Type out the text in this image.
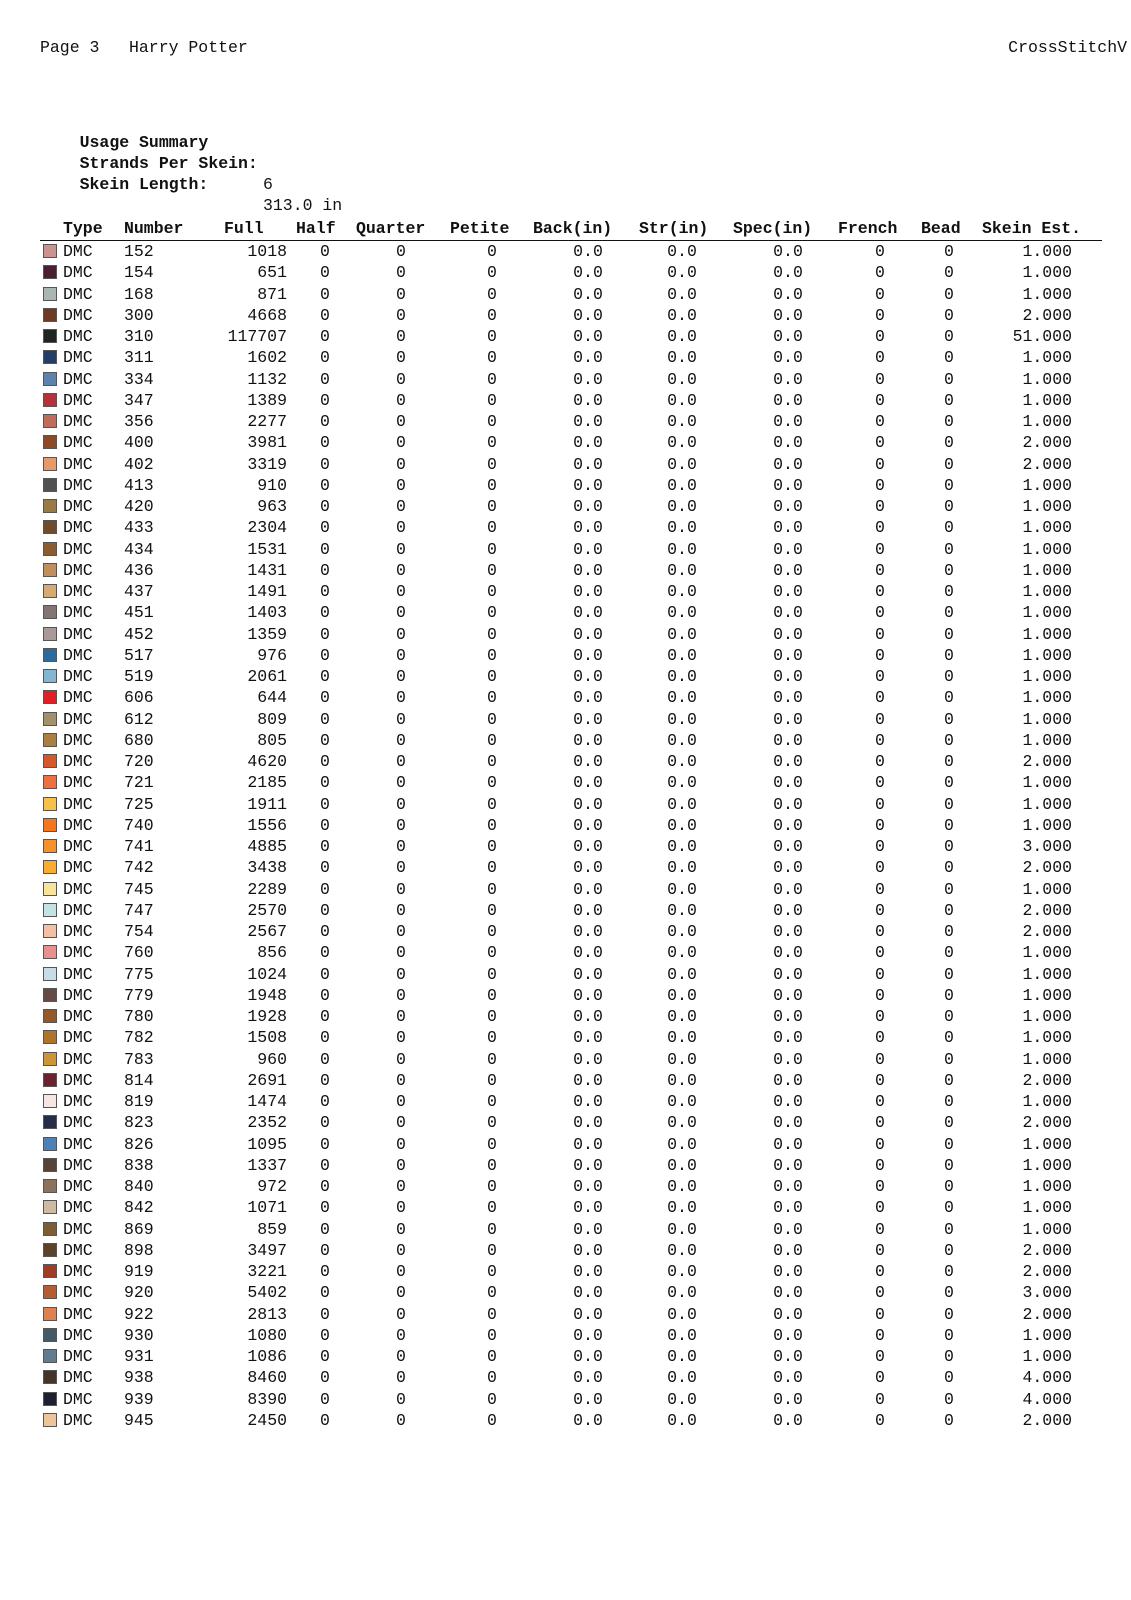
Page 3 Harry Potter	CrossStitchV

Usage Summary

Strands Per Skein:

6

Skein Length:

313.0 in

Type Number Full Half Quarter Petite Back(in) Str(in) Spec(in) French Bead Skein Est.
DMC 152	1018 0	0	0	0.0	0.0	0.0	0	0	1.000
DMC 154	651 0	0	0	0.0	0.0	0.0	0	0	1.000
DMC 168	871 0	0	0	0.0	0.0	0.0	0	0	1.000
DMC 300	4668 0	0	0	0.0	0.0	0.0	0	0	2.000
DMC 310	117707 0	0	0	0.0	0.0	0.0	0	0	51.000
DMC 311	1602 0	0	0	0.0	0.0	0.0	0	0	1.000
DMC 334	1132 0	0	0	0.0	0.0	0.0	0	0	1.000
DMC 347	1389 0	0	0	0.0	0.0	0.0	0	0	1.000
DMC 356	2277 0	0	0	0.0	0.0	0.0	0	0	1.000
DMC 400	3981 0	0	0	0.0	0.0	0.0	0	0	2.000
DMC 402	3319 0	0	0	0.0	0.0	0.0	0	0	2.000
DMC 413	910 0	0	0	0.0	0.0	0.0	0	0	1.000
DMC 420	963 0	0	0	0.0	0.0	0.0	0	0	1.000
DMC 433	2304 0	0	0	0.0	0.0	0.0	0	0	1.000
DMC 434	1531 0	0	0	0.0	0.0	0.0	0	0	1.000
DMC 436	1431 0	0	0	0.0	0.0	0.0	0	0	1.000
DMC 437	1491 0	0	0	0.0	0.0	0.0	0	0	1.000
DMC 451	1403 0	0	0	0.0	0.0	0.0	0	0	1.000
DMC 452	1359 0	0	0	0.0	0.0	0.0	0	0	1.000
DMC 517	976 0	0	0	0.0	0.0	0.0	0	0	1.000
DMC 519	2061 0	0	0	0.0	0.0	0.0	0	0	1.000
DMC 606	644 0	0	0	0.0	0.0	0.0	0	0	1.000
DMC 612	809 0	0	0	0.0	0.0	0.0	0	0	1.000
DMC 680	805 0	0	0	0.0	0.0	0.0	0	0	1.000
DMC 720	4620 0	0	0	0.0	0.0	0.0	0	0	2.000
DMC 721	2185 0	0	0	0.0	0.0	0.0	0	0	1.000
DMC 725	1911 0	0	0	0.0	0.0	0.0	0	0	1.000
DMC 740	1556 0	0	0	0.0	0.0	0.0	0	0	1.000
DMC 741	4885 0	0	0	0.0	0.0	0.0	0	0	3.000
DMC 742	3438 0	0	0	0.0	0.0	0.0	0	0	2.000
DMC 745	2289 0	0	0	0.0	0.0	0.0	0	0	1.000
DMC 747	2570 0	0	0	0.0	0.0	0.0	0	0	2.000
DMC 754	2567 0	0	0	0.0	0.0	0.0	0	0	2.000
DMC 760	856 0	0	0	0.0	0.0	0.0	0	0	1.000
DMC 775	1024 0	0	0	0.0	0.0	0.0	0	0	1.000
DMC 779	1948 0	0	0	0.0	0.0	0.0	0	0	1.000
DMC 780	1928 0	0	0	0.0	0.0	0.0	0	0	1.000
DMC 782	1508 0	0	0	0.0	0.0	0.0	0	0	1.000
DMC 783	960 0	0	0	0.0	0.0	0.0	0	0	1.000
DMC 814	2691 0	0	0	0.0	0.0	0.0	0	0	2.000
DMC 819	1474 0	0	0	0.0	0.0	0.0	0	0	1.000
DMC 823	2352 0	0	0	0.0	0.0	0.0	0	0	2.000
DMC 826	1095 0	0	0	0.0	0.0	0.0	0	0	1.000
DMC 838	1337 0	0	0	0.0	0.0	0.0	0	0	1.000
DMC 840	972 0	0	0	0.0	0.0	0.0	0	0	1.000
DMC 842	1071 0	0	0	0.0	0.0	0.0	0	0	1.000
DMC 869	859 0	0	0	0.0	0.0	0.0	0	0	1.000
DMC 898	3497 0	0	0	0.0	0.0	0.0	0	0	2.000
DMC 919	3221 0	0	0	0.0	0.0	0.0	0	0	2.000
DMC 920	5402 0	0	0	0.0	0.0	0.0	0	0	3.000
DMC 922	2813 0	0	0	0.0	0.0	0.0	0	0	2.000
DMC 930	1080 0	0	0	0.0	0.0	0.0	0	0	1.000
DMC 931	1086 0	0	0	0.0	0.0	0.0	0	0	1.000
DMC 938	8460 0	0	0	0.0	0.0	0.0	0	0	4.000
DMC 939	8390 0	0	0	0.0	0.0	0.0	0	0	4.000
DMC 945	2450 0	0	0	0.0	0.0	0.0	0	0	2.000
